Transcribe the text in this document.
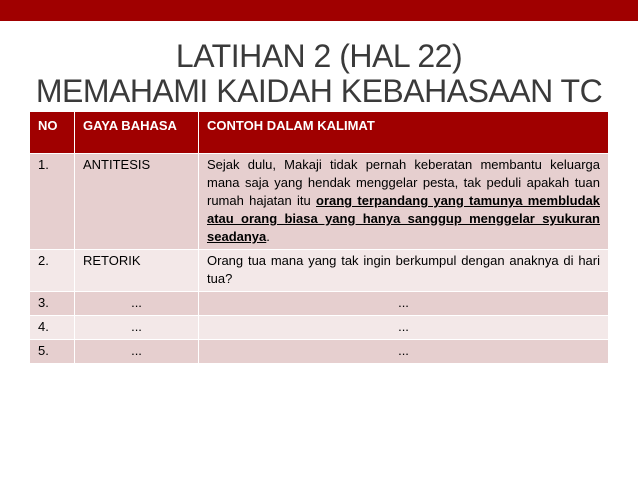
LATIHAN 2 (HAL 22)
MEMAHAMI KAIDAH KEBAHASAAN TC
NO	GAYA BAHASA	CONTOH DALAM KALIMAT
1.	ANTITESIS	Sejak dulu, Makaji tidak pernah keberatan membantu keluarga mana saja yang hendak menggelar pesta, tak peduli apakah tuan rumah hajatan itu orang terpandang yang tamunya membludak atau orang biasa yang hanya sanggup menggelar syukuran seadanya.
2.	RETORIK	Orang tua mana yang tak ingin berkumpul dengan anaknya di hari tua?
3.	...	...
4.	...	...
5.	...	...
